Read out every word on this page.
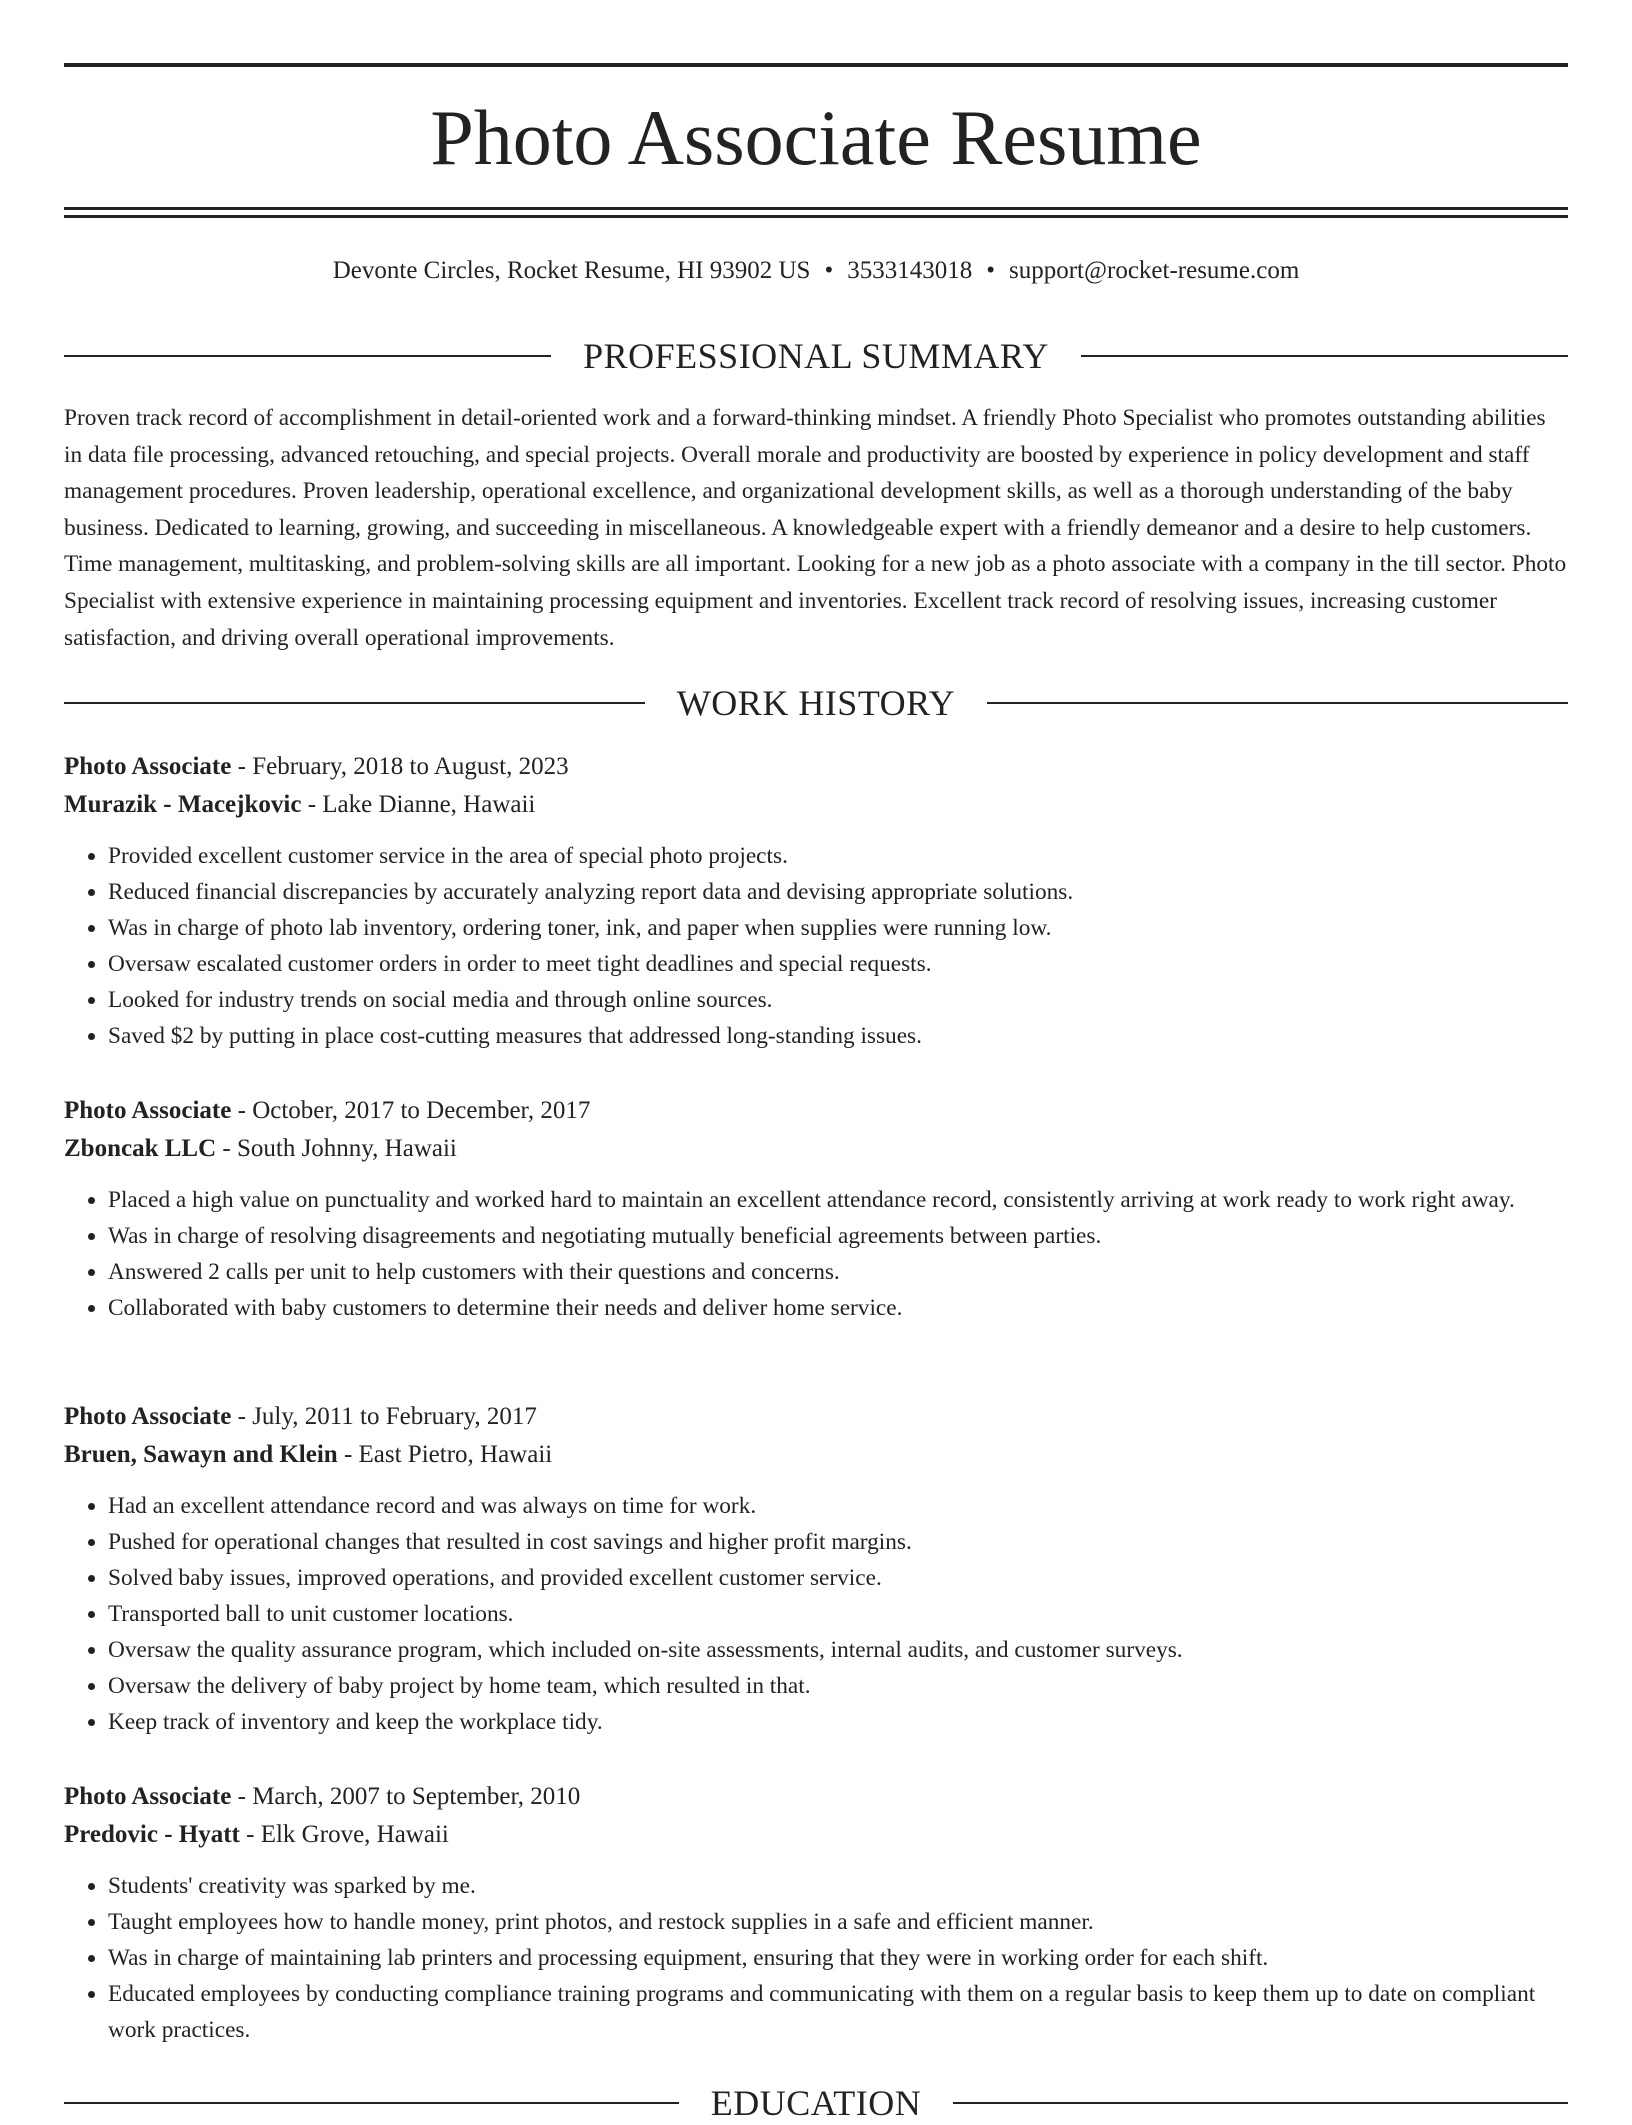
Photo Associate Resume
Devonte Circles, Rocket Resume, HI 93902 US • 3533143018 • support@rocket-resume.com
PROFESSIONAL SUMMARY

Proven track record of accomplishment in detail-oriented work and a forward-thinking mindset. A friendly Photo Specialist who promotes outstanding abilities in data file processing, advanced retouching, and special projects. Overall morale and productivity are boosted by experience in policy development and staff management procedures. Proven leadership, operational excellence, and organizational development skills, as well as a thorough understanding of the baby business. Dedicated to learning, growing, and succeeding in miscellaneous. A knowledgeable expert with a friendly demeanor and a desire to help customers. Time management, multitasking, and problem-solving skills are all important. Looking for a new job as a photo associate with a company in the till sector. Photo Specialist with extensive experience in maintaining processing equipment and inventories. Excellent track record of resolving issues, increasing customer satisfaction, and driving overall operational improvements.

WORK HISTORY
Photo Associate - February, 2018 to August, 2023
Murazik - Macejkovic - Lake Dianne, Hawaii
• Provided excellent customer service in the area of special photo projects.
• Reduced financial discrepancies by accurately analyzing report data and devising appropriate solutions.
• Was in charge of photo lab inventory, ordering toner, ink, and paper when supplies were running low.
• Oversaw escalated customer orders in order to meet tight deadlines and special requests.
• Looked for industry trends on social media and through online sources.
• Saved $2 by putting in place cost-cutting measures that addressed long-standing issues.
Photo Associate - October, 2017 to December, 2017
Zboncak LLC - South Johnny, Hawaii
• Placed a high value on punctuality and worked hard to maintain an excellent attendance record, consistently arriving at work ready to work right away.
• Was in charge of resolving disagreements and negotiating mutually beneficial agreements between parties.
• Answered 2 calls per unit to help customers with their questions and concerns.
• Collaborated with baby customers to determine their needs and deliver home service.
Photo Associate - July, 2011 to February, 2017
Bruen, Sawayn and Klein - East Pietro, Hawaii
• Had an excellent attendance record and was always on time for work.
• Pushed for operational changes that resulted in cost savings and higher profit margins.
• Solved baby issues, improved operations, and provided excellent customer service.
• Transported ball to unit customer locations.
• Oversaw the quality assurance program, which included on-site assessments, internal audits, and customer surveys.
• Oversaw the delivery of baby project by home team, which resulted in that.
• Keep track of inventory and keep the workplace tidy.
Photo Associate - March, 2007 to September, 2010
Predovic - Hyatt - Elk Grove, Hawaii
• Students' creativity was sparked by me.
• Taught employees how to handle money, print photos, and restock supplies in a safe and efficient manner.
• Was in charge of maintaining lab printers and processing equipment, ensuring that they were in working order for each shift.
• Educated employees by conducting compliance training programs and communicating with them on a regular basis to keep them up to date on compliant work practices.
EDUCATION
